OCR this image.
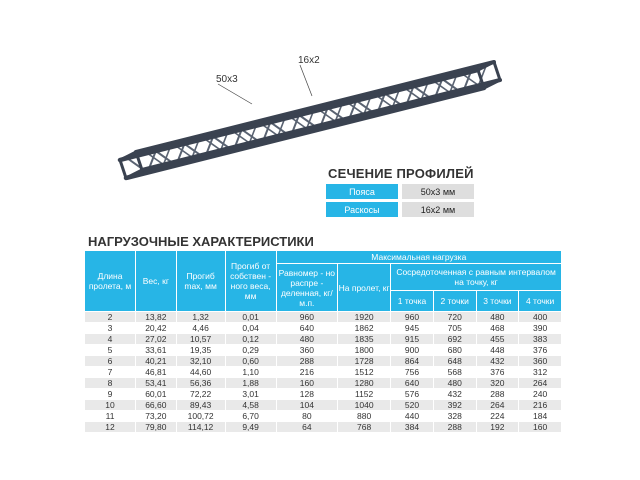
50x3
16x2
СЕЧЕНИЕ ПРОФИЛЕЙ
Пояса	50x3 мм
Раскосы	16x2 мм
НАГРУЗОЧНЫЕ ХАРАКТЕРИСТИКИ
Длина пролета, м	Вес, кг	Прогиб max, мм	Прогиб от собствен - ного веса, мм	Максимальная нагрузка					
				Равномер - но распре - деленная, кг/м.п.	На пролет, кг	Сосредоточенная с равным интервалом на точку, кг			
						1 точка	2 точки	3 точки	4 точки
2	13,82	1,32	0,01	960	1920	960	720	480	400
3	20,42	4,46	0,04	640	1862	945	705	468	390
4	27,02	10,57	0,12	480	1835	915	692	455	383
5	33,61	19,35	0,29	360	1800	900	680	448	376
6	40,21	32,10	0,60	288	1728	864	648	432	360
7	46,81	44,60	1,10	216	1512	756	568	376	312
8	53,41	56,36	1,88	160	1280	640	480	320	264
9	60,01	72,22	3,01	128	1152	576	432	288	240
10	66,60	89,43	4,58	104	1040	520	392	264	216
11	73,20	100,72	6,70	80	880	440	328	224	184
12	79,80	114,12	9,49	64	768	384	288	192	160
